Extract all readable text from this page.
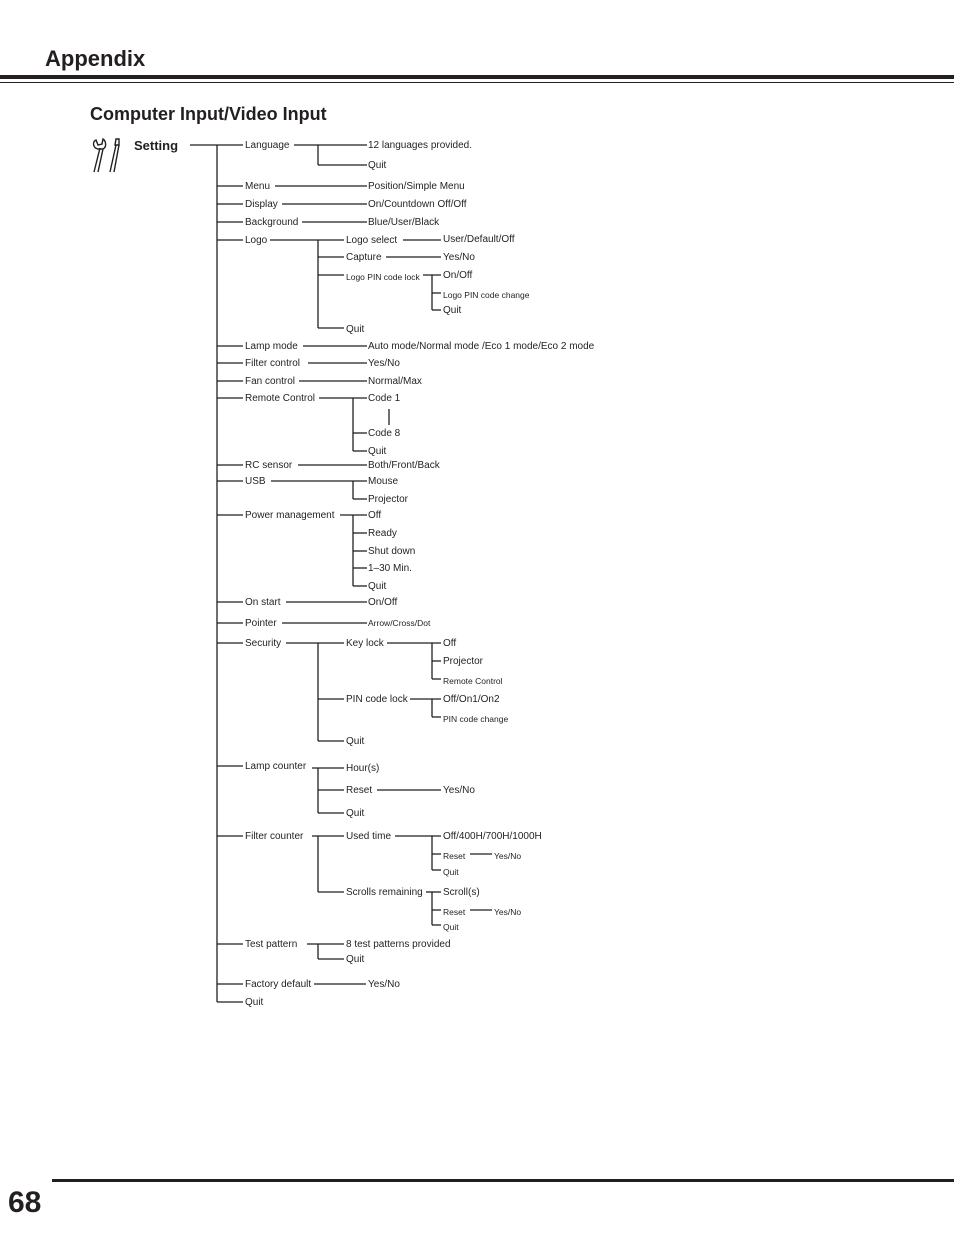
Appendix
Computer Input/Video Input
Setting	Language
Menu
Display
Background
Logo
Lamp mode
Filter control
Fan control
Remote Control
RC sensor
USB
Power management
On start
Pointer
Security
Lamp counter
Filter counter
Test pattern
Factory default
Quit
12 languages provided.
Quit
Position/Simple Menu
On/Countdown Off/Off
Blue/User/Black
Logo select	User/Default/Off
Capture	Yes/No
Logo PIN code lock On/Off
Logo PIN code change
Quit
Quit
Auto mode/Normal mode /Eco 1 mode/Eco 2 mode
Yes/No
Normal/Max
Code 1
Code 8
Quit
Both/Front/Back
Mouse
Projector
Off
Ready
Shut down
1–30 Min.
Quit
On/Off
Arrow/Cross/Dot
Key lock	Off
Projector
Remote Control
PIN code lock	Off/On1/On2
PIN code change
Quit
Hour(s)
Reset	Yes/No
Quit
Used time	Off/400H/700H/1000H
Reset	Yes/No
Quit
Scrolls remaining Scroll(s)
Reset	Yes/No
Quit
8 test patterns provided
Quit
Yes/No
68
